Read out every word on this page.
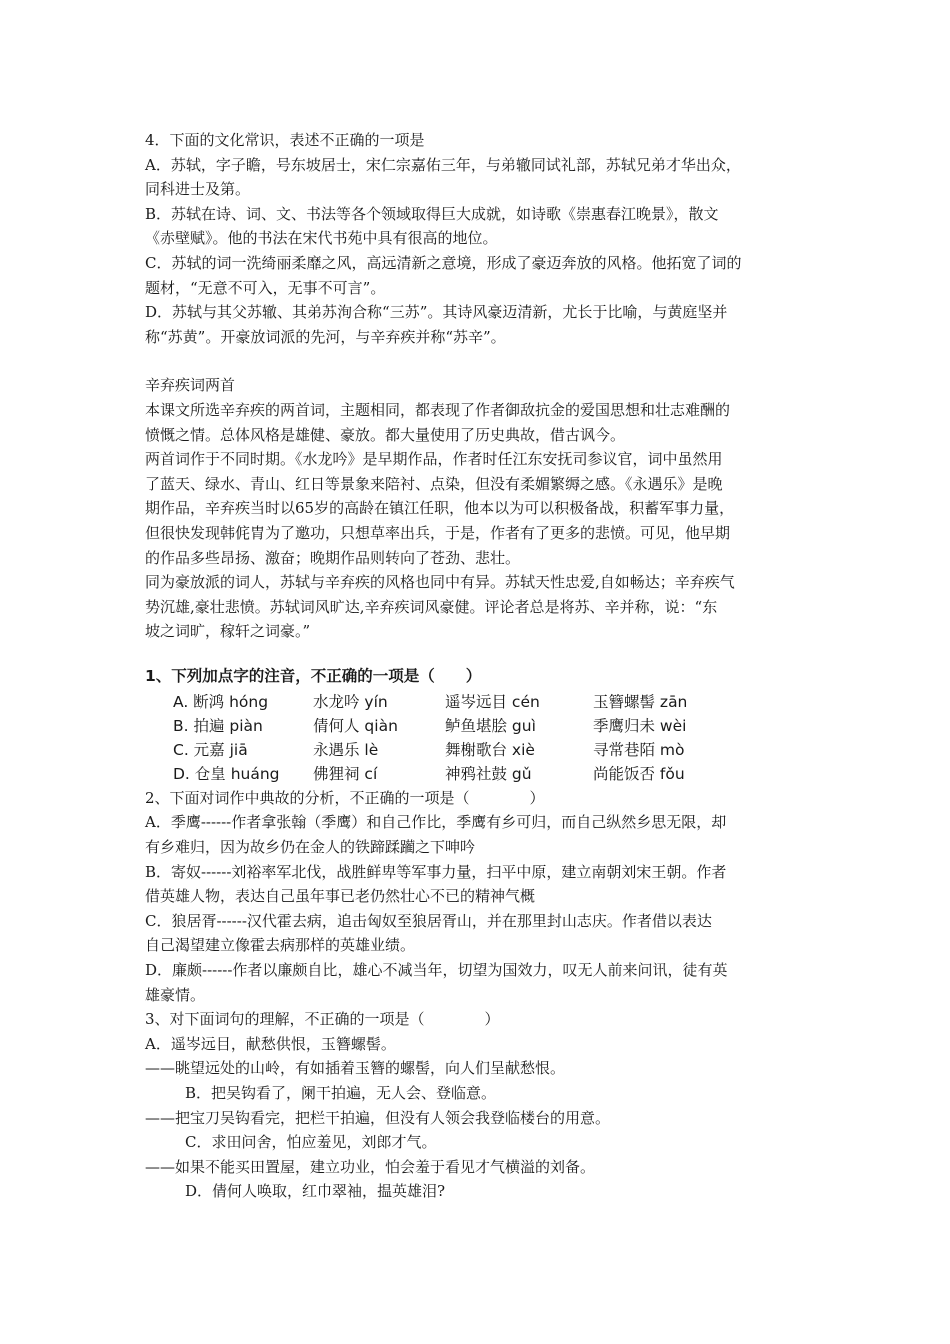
4．下面的文化常识，表述不正确的一项是

A．苏轼，字子瞻，号东坡居士，宋仁宗嘉佑三年，与弟辙同试礼部，苏轼兄弟才华出众，

同科进士及第。

B．苏轼在诗、词、文、书法等各个领域取得巨大成就，如诗歌《崇惠春江晚景》，散文

《赤壁赋》。他的书法在宋代书苑中具有很高的地位。

C．苏轼的词一洗绮丽柔靡之风，高远清新之意境，形成了豪迈奔放的风格。他拓宽了词的

题材，“无意不可入，无事不可言”。

D．苏轼与其父苏辙、其弟苏洵合称“三苏”。其诗风豪迈清新，尤长于比喻，与黄庭坚并

称“苏黄”。开豪放词派的先河，与辛弃疾并称“苏辛”。

辛弃疾词两首

本课文所选辛弃疾的两首词，主题相同，都表现了作者御敌抗金的爱国思想和壮志难酬的

愤慨之情。总体风格是雄健、豪放。都大量使用了历史典故，借古讽今。

两首词作于不同时期。《水龙吟》是早期作品，作者时任江东安抚司参议官，词中虽然用

了蓝天、绿水、青山、红日等景象来陪衬、点染，但没有柔媚繁缛之感。《永遇乐》是晚

期作品，辛弃疾当时以65岁的高龄在镇江任职，他本以为可以积极备战，积蓄军事力量，

但很快发现韩侂胄为了邀功，只想草率出兵，于是，作者有了更多的悲愤。可见，他早期

的作品多些昂扬、激奋；晚期作品则转向了苍劲、悲壮。

同为豪放派的词人，苏轼与辛弃疾的风格也同中有异。苏轼天性忠爱,自如畅达；辛弃疾气

势沉雄,豪壮悲愤。苏轼词风旷达,辛弃疾词风豪健。评论者总是将苏、辛并称，说：“东

坡之词旷，稼轩之词豪。”

1、下列加点字的注音，不正确的一项是（　　）

A. 断鸿 hóng	水龙吟 yín	遥岑远目 cén	玉簪螺髻 zān
B. 拍遍 piàn	倩何人 qiàn	鲈鱼堪脍 guì	季鹰归未 wèi
C. 元嘉 jiā	永遇乐 lè	舞榭歌台 xiè	寻常巷陌 mò
D. 仓皇 huáng	佛狸祠 cí	神鸦社鼓 gǔ	尚能饭否 fǒu

2、下面对词作中典故的分析，不正确的一项是（　　　　）

A．季鹰------作者拿张翰（季鹰）和自己作比，季鹰有乡可归，而自己纵然乡思无限，却

有乡难归，因为故乡仍在金人的铁蹄蹂躏之下呻吟

B．寄奴------刘裕率军北伐，战胜鲜卑等军事力量，扫平中原，建立南朝刘宋王朝。作者

借英雄人物，表达自己虽年事已老仍然壮心不已的精神气概

C．狼居胥------汉代霍去病，追击匈奴至狼居胥山，并在那里封山志庆。作者借以表达

自己渴望建立像霍去病那样的英雄业绩。

D．廉颇------作者以廉颇自比，雄心不减当年，切望为国效力，叹无人前来问讯，徒有英

雄豪情。

3、对下面词句的理解，不正确的一项是（　　　　）

A．遥岑远目，献愁供恨，玉簪螺髻。

——眺望远处的山岭，有如插着玉簪的螺髻，向人们呈献愁恨。

B．把吴钩看了，阑干拍遍，无人会、登临意。

——把宝刀吴钩看完，把栏干拍遍，但没有人领会我登临楼台的用意。

C．求田问舍，怕应羞见，刘郎才气。

——如果不能买田置屋，建立功业，怕会羞于看见才气横溢的刘备。

D．倩何人唤取，红巾翠袖，揾英雄泪?
